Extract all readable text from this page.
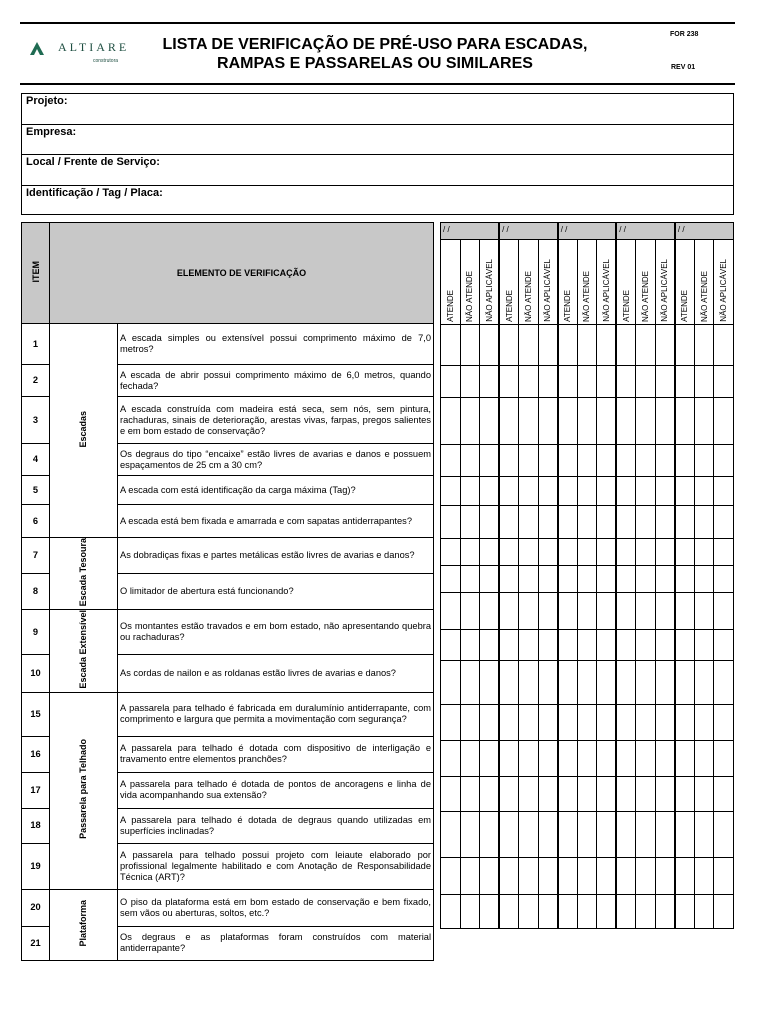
ALTIARE
construtora
LISTA DE VERIFICAÇÃO DE PRÉ-USO PARA ESCADAS,
RAMPAS E PASSARELAS OU SIMILARES
FOR 238
REV 01
Projeto:
Empresa:
Local / Frente de Serviço:
Identificação / Tag / Placa:
ITEM	ELEMENTO DE VERIFICAÇÃO	
1	Escadas	A escada simples ou extensível possui comprimento máximo de 7,0 metros?
2		A escada de abrir possui comprimento máximo de 6,0 metros, quando fechada?
3		A escada construída com madeira está seca, sem nós, sem pintura, rachaduras, sinais de deterioração, arestas vivas, farpas, pregos salientes e em bom estado de conservação?
4		Os degraus do tipo “encaixe” estão livres de avarias e danos e possuem espaçamentos de 25 cm a 30 cm?
5		A escada com está identificação da carga máxima (Tag)?
6		A escada está bem fixada e amarrada e com sapatas antiderrapantes?
7	Escada Tesoura	As dobradiças fixas e partes metálicas estão livres de avarias e danos?
8		O limitador de abertura está funcionando?
9	Escada Extensível	Os montantes estão travados e em bom estado, não apresentando quebra ou rachaduras?
10		As cordas de nailon e as roldanas estão livres de avarias e danos?
15	Passarela para Telhado	A passarela para telhado é fabricada em duralumínio antiderrapante, com comprimento e largura que permita a movimentação com segurança?
16		A passarela para telhado é dotada com dispositivo de interligação e travamento entre elementos pranchões?
17		A passarela para telhado é dotada de pontos de ancoragens e linha de vida acompanhando sua extensão?
18		A passarela para telhado é dotada de degraus quando utilizadas em superfícies inclinadas?
19		A passarela para telhado possui projeto com leiaute elaborado por profissional legalmente habilitado e com Anotação de Responsabilidade Técnica (ART)?
20	Plataforma	O piso da plataforma está em bom estado de conservação e bem fixado, sem vãos ou aberturas, soltos, etc.?
21		Os degraus e as plataformas foram construídos com material antiderrapante?
/ /			/ /			/ /			/ /			/ /		

ATENDE	NÃO ATENDE	NÃO APLICÁVEL	ATENDE	NÃO ATENDE	NÃO APLICÁVEL	ATENDE	NÃO ATENDE	NÃO APLICÁVEL	ATENDE	NÃO ATENDE	NÃO APLICÁVEL	ATENDE	NÃO ATENDE	NÃO APLICÁVEL
